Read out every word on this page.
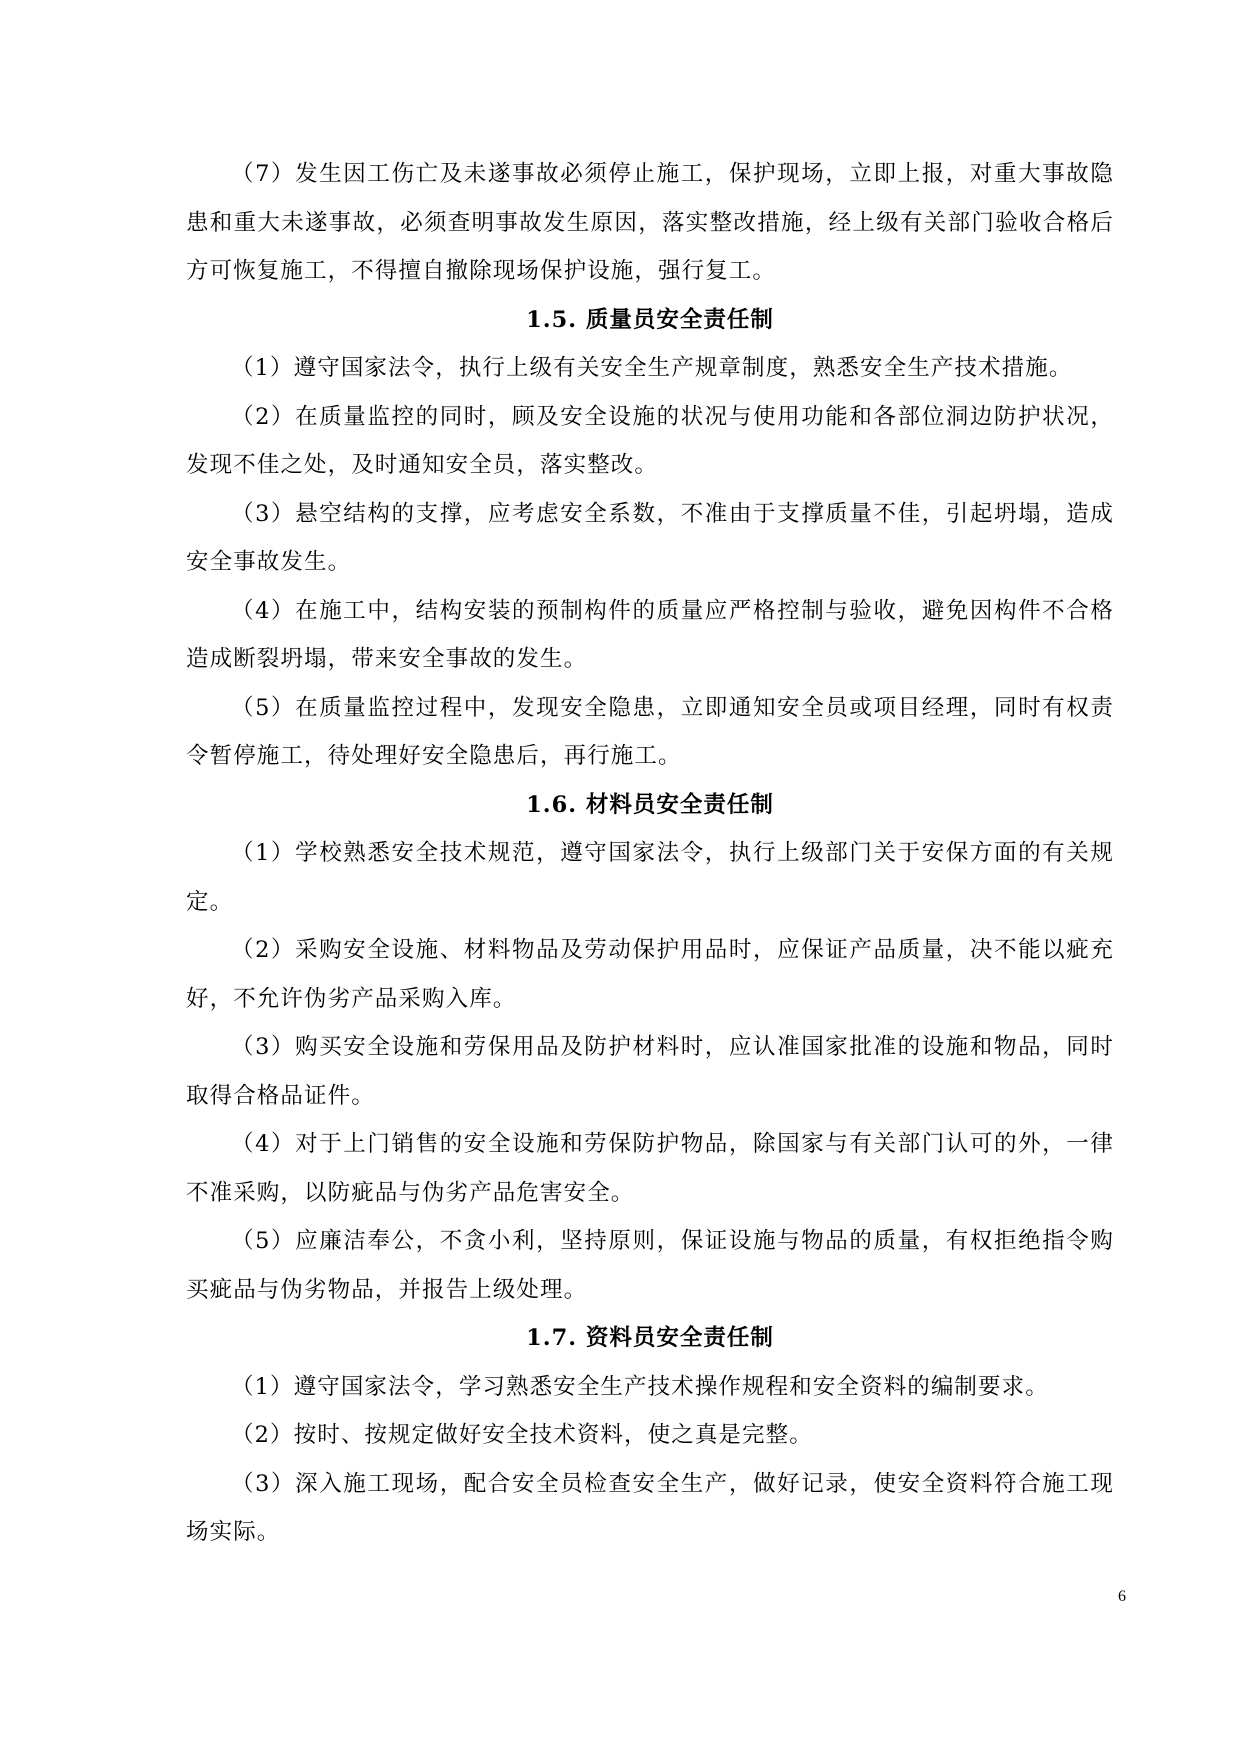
（7）发生因工伤亡及未遂事故必须停止施工，保护现场，立即上报，对重大事故隐患和重大未遂事故，必须查明事故发生原因，落实整改措施，经上级有关部门验收合格后方可恢复施工，不得擅自撤除现场保护设施，强行复工。

1.5. 质量员安全责任制

（1）遵守国家法令，执行上级有关安全生产规章制度，熟悉安全生产技术措施。

（2）在质量监控的同时，顾及安全设施的状况与使用功能和各部位洞边防护状况，发现不佳之处，及时通知安全员，落实整改。

（3）悬空结构的支撑，应考虑安全系数，不准由于支撑质量不佳，引起坍塌，造成安全事故发生。

（4）在施工中，结构安装的预制构件的质量应严格控制与验收，避免因构件不合格造成断裂坍塌，带来安全事故的发生。

（5）在质量监控过程中，发现安全隐患，立即通知安全员或项目经理，同时有权责令暂停施工，待处理好安全隐患后，再行施工。

1.6. 材料员安全责任制

（1）学校熟悉安全技术规范，遵守国家法令，执行上级部门关于安保方面的有关规定。

（2）采购安全设施、材料物品及劳动保护用品时，应保证产品质量，决不能以疵充好，不允许伪劣产品采购入库。

（3）购买安全设施和劳保用品及防护材料时，应认准国家批准的设施和物品，同时取得合格品证件。

（4）对于上门销售的安全设施和劳保防护物品，除国家与有关部门认可的外，一律不准采购，以防疵品与伪劣产品危害安全。

（5）应廉洁奉公，不贪小利，坚持原则，保证设施与物品的质量，有权拒绝指令购买疵品与伪劣物品，并报告上级处理。

1.7. 资料员安全责任制

（1）遵守国家法令，学习熟悉安全生产技术操作规程和安全资料的编制要求。

（2）按时、按规定做好安全技术资料，使之真是完整。

（3）深入施工现场，配合安全员检查安全生产，做好记录，使安全资料符合施工现场实际。

6
